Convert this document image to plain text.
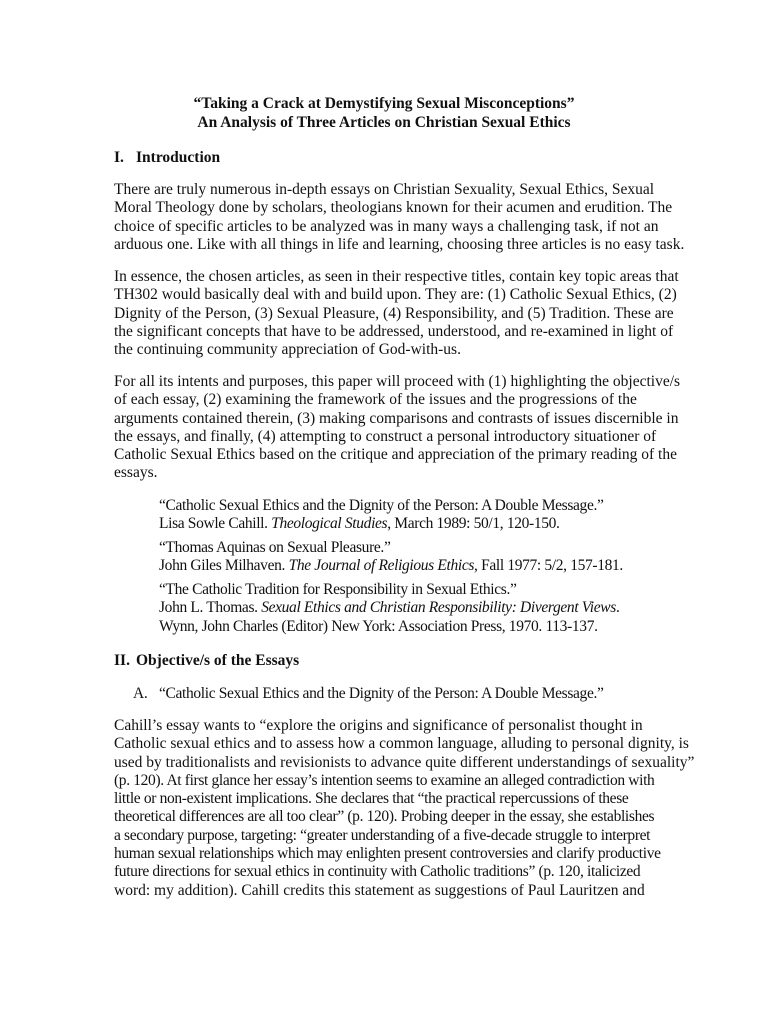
“Taking a Crack at Demystifying Sexual Misconceptions”
An Analysis of Three Articles on Christian Sexual Ethics
I. Introduction
There are truly numerous in-depth essays on Christian Sexuality, Sexual Ethics, Sexual
Moral Theology done by scholars, theologians known for their acumen and erudition. The
choice of specific articles to be analyzed was in many ways a challenging task, if not an
arduous one. Like with all things in life and learning, choosing three articles is no easy task.
In essence, the chosen articles, as seen in their respective titles, contain key topic areas that
TH302 would basically deal with and build upon. They are: (1) Catholic Sexual Ethics, (2)
Dignity of the Person, (3) Sexual Pleasure, (4) Responsibility, and (5) Tradition. These are
the significant concepts that have to be addressed, understood, and re-examined in light of
the continuing community appreciation of God-with-us.
For all its intents and purposes, this paper will proceed with (1) highlighting the objective/s
of each essay, (2) examining the framework of the issues and the progressions of the
arguments contained therein, (3) making comparisons and contrasts of issues discernible in
the essays, and finally, (4) attempting to construct a personal introductory situationer of
Catholic Sexual Ethics based on the critique and appreciation of the primary reading of the
essays.
“Catholic Sexual Ethics and the Dignity of the Person: A Double Message.”
Lisa Sowle Cahill. Theological Studies, March 1989: 50/1, 120-150.
“Thomas Aquinas on Sexual Pleasure.”
John Giles Milhaven. The Journal of Religious Ethics, Fall 1977: 5/2, 157-181.
“The Catholic Tradition for Responsibility in Sexual Ethics.”
John L. Thomas. Sexual Ethics and Christian Responsibility: Divergent Views.
Wynn, John Charles (Editor) New York: Association Press, 1970. 113-137.
II. Objective/s of the Essays
A. “Catholic Sexual Ethics and the Dignity of the Person: A Double Message.”
Cahill’s essay wants to “explore the origins and significance of personalist thought in
Catholic sexual ethics and to assess how a common language, alluding to personal dignity, is
used by traditionalists and revisionists to advance quite different understandings of sexuality”
(p. 120). At first glance her essay’s intention seems to examine an alleged contradiction with
little or non-existent implications. She declares that “the practical repercussions of these
theoretical differences are all too clear” (p. 120). Probing deeper in the essay, she establishes
a secondary purpose, targeting: “greater understanding of a five-decade struggle to interpret
human sexual relationships which may enlighten present controversies and clarify productive
future directions for sexual ethics in continuity with Catholic traditions” (p. 120, italicized
word: my addition). Cahill credits this statement as suggestions of Paul Lauritzen and
